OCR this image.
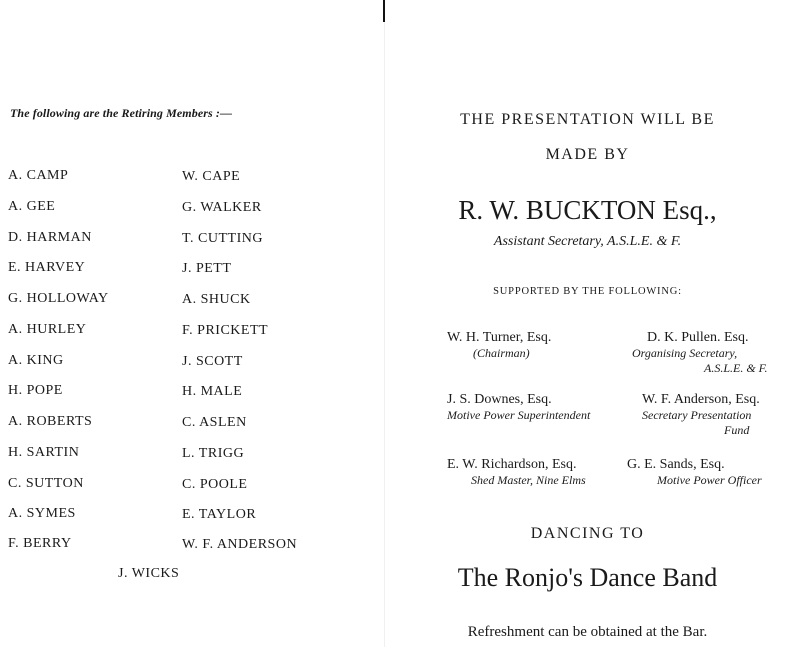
The following are the Retiring Members :—
A. CAMP
A. GEE
D. HARMAN
E. HARVEY
G. HOLLOWAY
A. HURLEY
A. KING
H. POPE
A. ROBERTS
H. SARTIN
C. SUTTON
A. SYMES
F. BERRY
W. CAPE
G. WALKER
T. CUTTING
J. PETT
A. SHUCK
F. PRICKETT
J. SCOTT
H. MALE
C. ASLEN
L. TRIGG
C. POOLE
E. TAYLOR
W. F. ANDERSON
J. WICKS
THE PRESENTATION WILL BE
MADE BY
R. W. BUCKTON Esq.,
Assistant Secretary, A.S.L.E. & F.
SUPPORTED BY THE FOLLOWING:
W. H. Turner, Esq.
(Chairman)
D. K. Pullen. Esq.
Organising Secretary,
A.S.L.E. & F.
J. S. Downes, Esq.
Motive Power Superintendent
W. F. Anderson, Esq.
Secretary Presentation
Fund
E. W. Richardson, Esq.
Shed Master, Nine Elms
G. E. Sands, Esq.
Motive Power Officer
DANCING TO
The Ronjo's Dance Band
Refreshment can be obtained at the Bar.
